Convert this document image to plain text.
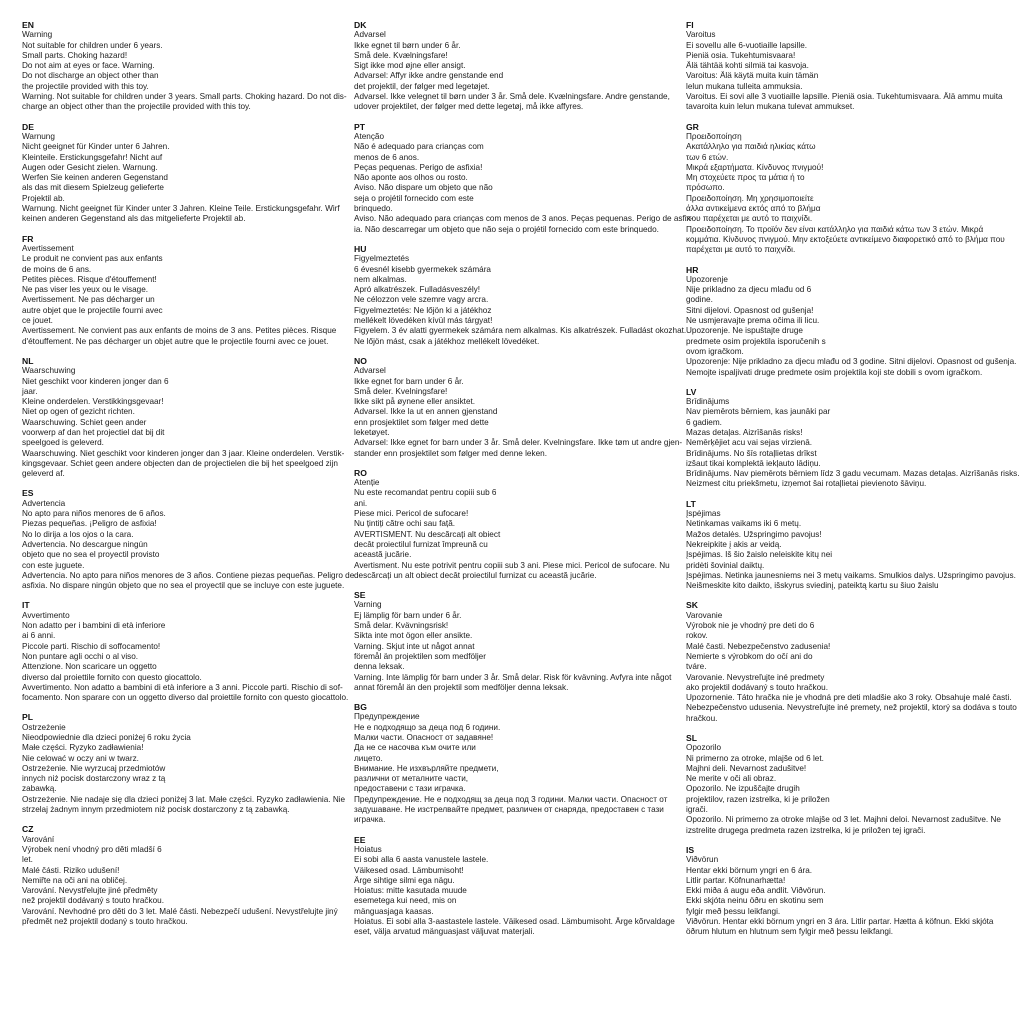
EN
Warning
Not suitable for children under 6 years.
Small parts. Choking hazard!
Do not aim at eyes or face. Warning.
Do not discharge an object other than
the projectile provided with this toy.
Warning. Not suitable for children under 3 years. Small parts. Choking hazard. Do not dis-
charge an object other than the projectile provided with this toy.
DE
Warnung
Nicht geeignet für Kinder unter 6 Jahren.
Kleinteile. Erstickungsgefahr! Nicht auf
Augen oder Gesicht zielen. Warnung.
Werfen Sie keinen anderen Gegenstand
als das mit diesem Spielzeug gelieferte
Projektil ab.
Warnung. Nicht geeignet für Kinder unter 3 Jahren. Kleine Teile. Erstickungsgefahr. Wirf
keinen anderen Gegenstand als das mitgelieferte Projektil ab.
FR
Avertissement
Le produit ne convient pas aux enfants
de moins de 6 ans.
Petites pièces. Risque d'étouffement!
Ne pas viser les yeux ou le visage.
Avertissement. Ne pas décharger un
autre objet que le projectile fourni avec
ce jouet.
Avertissement. Ne convient pas aux enfants de moins de 3 ans. Petites pièces. Risque
d'étouffement. Ne pas décharger un objet autre que le projectile fourni avec ce jouet.
NL
Waarschuwing
Niet geschikt voor kinderen jonger dan 6
jaar.
Kleine onderdelen. Verstikkingsgevaar!
Niet op ogen of gezicht richten.
Waarschuwing. Schiet geen ander
voorwerp af dan het projectiel dat bij dit
speelgoed is geleverd.
Waarschuwing. Niet geschikt voor kinderen jonger dan 3 jaar. Kleine onderdelen. Verstik-
kingsgevaar. Schiet geen andere objecten dan de projectielen die bij het speelgoed zijn
geleverd af.
ES
Advertencia
No apto para niños menores de 6 años.
Piezas pequeñas. ¡Peligro de asfixia!
No lo dirija a los ojos o la cara.
Advertencia. No descargue ningún
objeto que no sea el proyectil provisto
con este juguete.
Advertencia. No apto para niños menores de 3 años. Contiene piezas pequeñas. Peligro de
asfixia. No dispare ningún objeto que no sea el proyectil que se incluye con este juguete.
IT
Avvertimento
Non adatto per i bambini di età inferiore
ai 6 anni.
Piccole parti. Rischio di soffocamento!
Non puntare agli occhi o al viso.
Attenzione. Non scaricare un oggetto
diverso dal proiettile fornito con questo giocattolo.
Avvertimento. Non adatto a bambini di età inferiore a 3 anni. Piccole parti. Rischio di sof-
focamento. Non sparare con un oggetto diverso dal proiettile fornito con questo giocattolo.
PL
Ostrzeżenie
Nieodpowiednie dla dzieci poniżej 6 roku życia
Małe części. Ryzyko zadławienia!
Nie celować w oczy ani w twarz.
Ostrzeżenie. Nie wyrzucaj przedmiotów
innych niż pocisk dostarczony wraz z tą
zabawką.
Ostrzeżenie. Nie nadaje się dla dzieci poniżej 3 lat. Małe części. Ryzyko zadławienia. Nie
strzelaj żadnym innym przedmiotem niż pocisk dostarczony z tą zabawką.
CZ
Varování
Výrobek není vhodný pro děti mladší 6
let.
Malé části. Riziko udušení!
Nemiřte na oči ani na obličej.
Varování. Nevystřelujte jiné předměty
než projektil dodávaný s touto hračkou.
Varování. Nevhodné pro děti do 3 let. Malé části. Nebezpečí udušení. Nevystřelujte jiný
předmět než projektil dodaný s touto hračkou.
DK
Advarsel
Ikke egnet til børn under 6 år.
Små dele. Kvælningsfare!
Sigt ikke mod øjne eller ansigt.
Advarsel: Affyr ikke andre genstande end
det projektil, der følger med legetøjet.
Advarsel. Ikke velegnet til børn under 3 år. Små dele. Kvælningsfare. Andre genstande,
udover projektilet, der følger med dette legetøj, må ikke affyres.
PT
Atenção
Não é adequado para crianças com
menos de 6 anos.
Peças pequenas. Perigo de asfixia!
Não aponte aos olhos ou rosto.
Aviso. Não dispare um objeto que não
seja o projétil fornecido com este
brinquedo.
Aviso. Não adequado para crianças com menos de 3 anos. Peças pequenas. Perigo de asfix-
ia. Não descarregar um objeto que não seja o projétil fornecido com este brinquedo.
HU
Figyelmeztetés
6 évesnél kisebb gyermekek számára
nem alkalmas.
Apró alkatrészek. Fulladásveszély!
Ne célozzon vele szemre vagy arcra.
Figyelmeztetés: Ne lőjön ki a játékhoz
mellékelt lövedéken kívül más tárgyat!
Figyelem. 3 év alatti gyermekek számára nem alkalmas. Kis alkatrészek. Fulladást okozhat.
Ne lőjön mást, csak a játékhoz mellékelt lövedéket.
NO
Advarsel
Ikke egnet for barn under 6 år.
Små deler. Kvelningsfare!
Ikke sikt på øynene eller ansiktet.
Advarsel. Ikke la ut en annen gjenstand
enn prosjektilet som følger med dette
leketøyet.
Advarsel: Ikke egnet for barn under 3 år. Små deler. Kvelningsfare. Ikke tøm ut andre gjen-
stander enn prosjektilet som følger med denne leken.
RO
Atenție
Nu este recomandat pentru copiii sub 6
ani.
Piese mici. Pericol de sufocare!
Nu țintiți către ochi sau față.
AVERTISMENT. Nu descărcați alt obiect
decât proiectilul furnizat împreună cu
această jucărie.
Avertisment. Nu este potrivit pentru copiii sub 3 ani. Piese mici. Pericol de sufocare. Nu
descărcați un alt obiect decât proiectilul furnizat cu această jucărie.
SE
Varning
Ej lämplig för barn under 6 år.
Små delar. Kvävningsrisk!
Sikta inte mot ögon eller ansikte.
Varning. Skjut inte ut något annat
föremål än projektilen som medföljer
denna leksak.
Varning. Inte lämplig för barn under 3 år. Små delar. Risk för kvävning. Avfyra inte något
annat föremål än den projektil som medföljer denna leksak.
BG
Предупреждение
Не е подходящо за деца под 6 години.
Малки части. Опасност от задавяне!
Да не се насочва към очите или
лицето.
Внимание. Не изхвърляйте предмети,
различни от металните части,
предоставени с тази играчка.
Предупреждение. Не е подходящ за деца под 3 години. Малки части. Опасност от
задушаване. Не изстрелвайте предмет, различен от снаряда, предоставен с тази
играчка.
EE
Hoiatus
Ei sobi alla 6 aasta vanustele lastele.
Väikesed osad. Lämbumisoht!
Ärge sihtige silmi ega nägu.
Hoiatus: mitte kasutada muude
esemetega kui need, mis on
mänguasjaga kaasas.
Hoiatus. Ei sobi alla 3-aastastele lastele. Väikesed osad. Lämbumisoht. Ärge kõrvaldage
eset, välja arvatud mänguasjast väljuvat materjali.
FI
Varoitus
Ei sovellu alle 6-vuotiaille lapsille.
Pieniä osia. Tukehtumisvaara!
Älä tähtää kohti silmiä tai kasvoja.
Varoitus: Älä käytä muita kuin tämän
lelun mukana tulleita ammuksia.
Varoitus. Ei sovi alle 3 vuotiaille lapsille. Pieniä osia. Tukehtumisvaara. Älä ammu muita
tavaroita kuin lelun mukana tulevat ammukset.
GR
Προειδοποίηση
Ακατάλληλο για παιδιά ηλικίας κάτω
των 6 ετών.
Μικρά εξαρτήματα. Κίνδυνος πνιγμού!
Μη στοχεύετε προς τα μάτια ή το
πρόσωπο.
Προειδοποίηση. Μη χρησιμοποιείτε
άλλα αντικείμενα εκτός από το βλήμα
που παρέχεται με αυτό το παιχνίδι.
Προειδοποίηση. Το προϊόν δεν είναι κατάλληλο για παιδιά κάτω των 3 ετών. Μικρά
κομμάτια. Κίνδυνος πνιγμού. Μην εκτοξεύετε αντικείμενο διαφορετικό από το βλήμα που
παρέχεται με αυτό το παιχνίδι.
HR
Upozorenje
Nije prikladno za djecu mlađu od 6
godine.
Sitni dijelovi. Opasnost od gušenja!
Ne usmjeravajte prema očima ili licu.
Upozorenje. Ne ispuštajte druge
predmete osim projektila isporučenih s
ovom igračkom.
Upozorenje: Nije prikladno za djecu mlađu od 3 godine. Sitni dijelovi. Opasnost od gušenja.
Nemojte ispaljivati druge predmete osim projektila koji ste dobili s ovom igračkom.
LV
Brīdinājums
Nav piemērots bērniem, kas jaunāki par
6 gadiem.
Mazas detaļas. Aizrīšanās risks!
Nemērķējiet acu vai sejas virzienā.
Brīdinājums. No šīs rotaļlietas drīkst
izšaut tikai komplektā iekļauto lādiņu.
Brīdinājums. Nav piemērots bērniem līdz 3 gadu vecumam. Mazas detaļas. Aizrīšanās risks.
Neizmest citu priekšmetu, izņemot šai rotaļlietai pievienoto šāviņu.
LT
Įspėjimas
Netinkamas vaikams iki 6 metų.
Mažos detalės. Užspringimo pavojus!
Nekreipkite į akis ar veidą.
Įspėjimas. Iš šio žaislo neleiskite kitų nei
pridėti šovinial daiktų.
Įspėjimas. Netinka jaunesniems nei 3 metų vaikams. Smulkios dalys. Užspringimo pavojus.
Neišmeskite kito daikto, išskyrus sviedinį, pateiktą kartu su šiuo žaislu
SK
Varovanie
Výrobok nie je vhodný pre deti do 6
rokov.
Malé časti. Nebezpečenstvo zadusenia!
Nemierte s výrobkom do očí ani do
tváre.
Varovanie. Nevystreľujte iné predmety
ako projektil dodávaný s touto hračkou.
Upozornenie. Táto hračka nie je vhodná pre deti mladšie ako 3 roky. Obsahuje malé časti.
Nebezpečenstvo udusenia. Nevystreľujte iné premety, než projektil, ktorý sa dodáva s touto
hračkou.
SL
Opozorilo
Ni primerno za otroke, mlajše od 6 let.
Majhni deli. Nevarnost zadušitve!
Ne merite v oči ali obraz.
Opozorilo. Ne izpuščajte drugih
projektilov, razen izstrelka, ki je priložen
igrači.
Opozorilo. Ni primerno za otroke mlajše od 3 let. Majhni deloi. Nevarnost zadušitve. Ne
izstrelite drugega predmeta razen izstrelka, ki je priložen tej igrači.
IS
Viðvörun
Hentar ekki börnum yngri en 6 ára.
Litlir partar. Köfnunarhætta!
Ekki miða á augu eða andlit. Viðvörun.
Ekki skjóta neinu öðru en skotinu sem
fylgir með þessu leikfangi.
Viðvörun. Hentar ekki börnum yngri en 3 ára. Litlir partar. Hætta á köfnun. Ekki skjóta
öðrum hlutum en hlutnum sem fylgir með þessu leikfangi.
